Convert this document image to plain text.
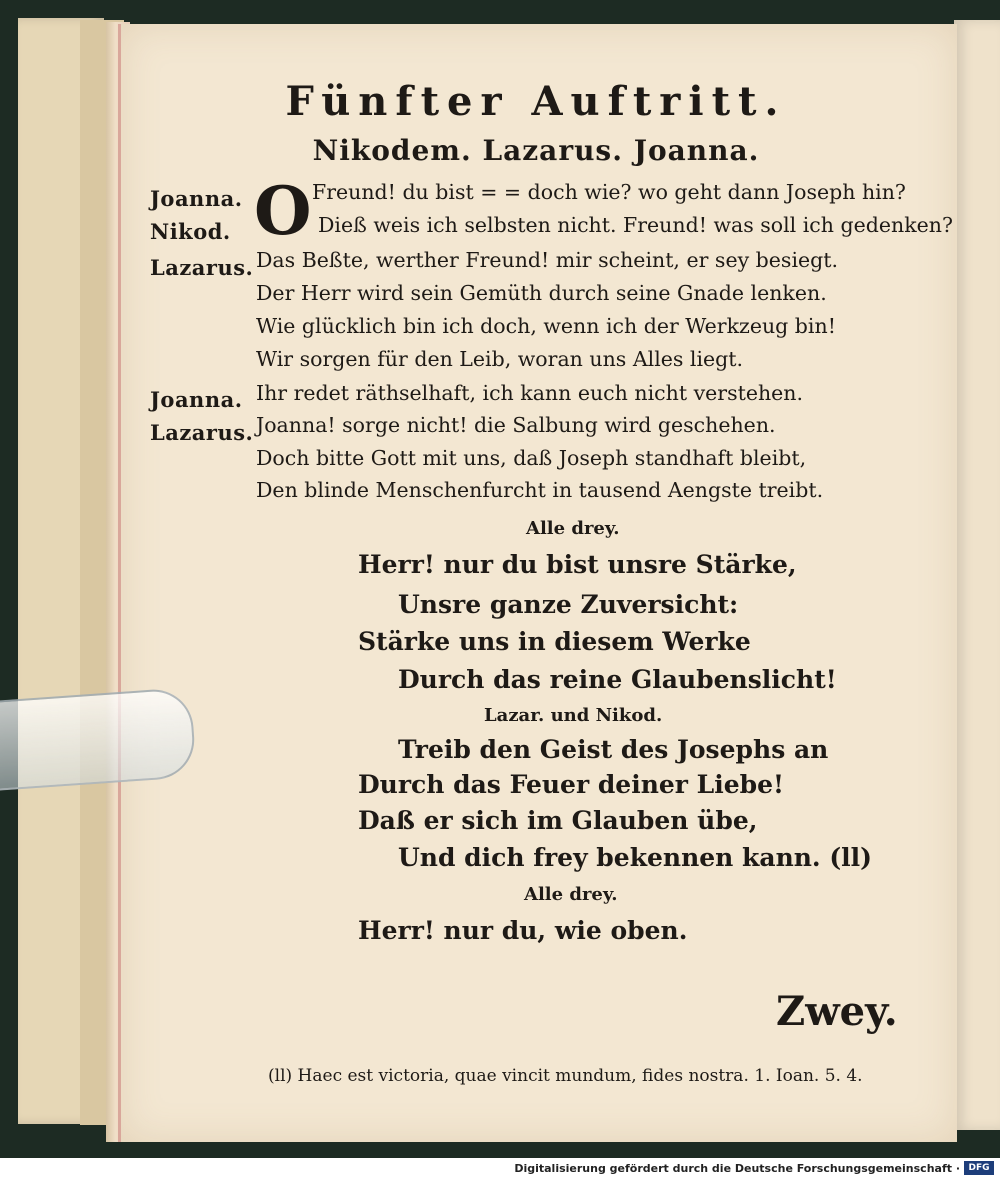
Fünfter Auftritt.
Nikodem. Lazarus. Joanna.
Joanna.
Nikod.
Lazarus.
Joanna.
Lazarus.
O Freund! du bist = = doch wie? wo geht dann Joseph hin?
Dieß weis ich selbsten nicht. Freund! was soll ich gedenken?
Das Beßte, werther Freund! mir scheint, er sey besiegt.
Der Herr wird sein Gemüth durch seine Gnade lenken.
Wie glücklich bin ich doch, wenn ich der Werkzeug bin!
Wir sorgen für den Leib, woran uns Alles liegt.
Ihr redet räthselhaft, ich kann euch nicht verstehen.
Joanna! sorge nicht! die Salbung wird geschehen.
Doch bitte Gott mit uns, daß Joseph standhaft bleibt,
Den blinde Menschenfurcht in tausend Aengste treibt.
Alle drey.
Herr! nur du bist unsre Stärke,
Unsre ganze Zuversicht:
Stärke uns in diesem Werke
Durch das reine Glaubenslicht!
Lazar. und Nikod.
Treib den Geist des Josephs an
Durch das Feuer deiner Liebe!
Daß er sich im Glauben übe,
Und dich frey bekennen kann. (ll)
Alle drey.
Herr! nur du, wie oben.
Zwey.
(ll) Haec est victoria, quae vincit mundum, fides nostra. 1. Ioan. 5. 4.
Digitalisierung gefördert durch die Deutsche Forschungsgemeinschaft · DFG
